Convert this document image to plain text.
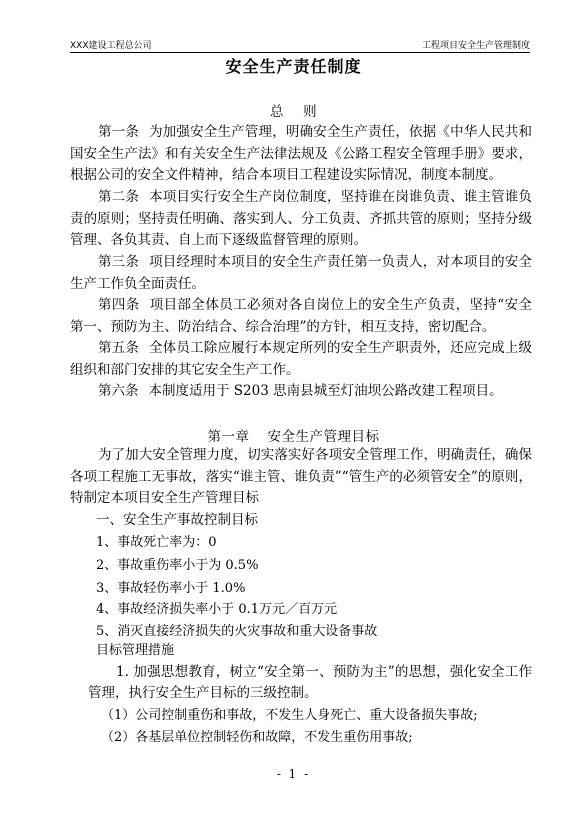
XXX建设工程总公司	工程项目安全生产管理制度
安全生产责任制度
总    则

第一条 为加强安全生产管理，明确安全生产责任，依据《中华人民共和国安全生产法》和有关安全生产法律法规及《公路工程安全管理手册》要求，根据公司的安全文件精神，结合本项目工程建设实际情况，制度本制度。

第二条 本项目实行安全生产岗位制度，坚持谁在岗谁负责、谁主管谁负责的原则；坚持责任明确、落实到人、分工负责、齐抓共管的原则；坚持分级管理、各负其责、自上而下逐级监督管理的原则。

第三条 项目经理时本项目的安全生产责任第一负责人，对本项目的安全生产工作负全面责任。

第四条 项目部全体员工必须对各自岗位上的安全生产负责，坚持“安全第一、预防为主、防治结合、综合治理”的方针，相互支持，密切配合。

第五条 全体员工除应履行本规定所列的安全生产职责外，还应完成上级组织和部门安排的其它安全生产工作。

第六条 本制度适用于 S203 思南县城至灯油坝公路改建工程项目。

第一章 安全生产管理目标

为了加大安全管理力度，切实落实好各项安全管理工作，明确责任，确保各项工程施工无事故，落实“谁主管、谁负责”“管生产的必须管安全”的原则，特制定本项目安全生产管理目标

一、安全生产事故控制目标
1、事故死亡率为：0
2、事故重伤率小于为 0.5%
3、事故轻伤率小于 1.0%
4、事故经济损失率小于 0.1万元／百万元
5、消灭直接经济损失的火灾事故和重大设备事故
目标管理措施

1. 加强思想教育，树立“安全第一、预防为主”的思想，强化安全工作管理，执行安全生产目标的三级控制。

（1）公司控制重伤和事故，不发生人身死亡、重大设备损失事故;
（2）各基层单位控制轻伤和故障，不发生重伤用事故;
- 1 -
